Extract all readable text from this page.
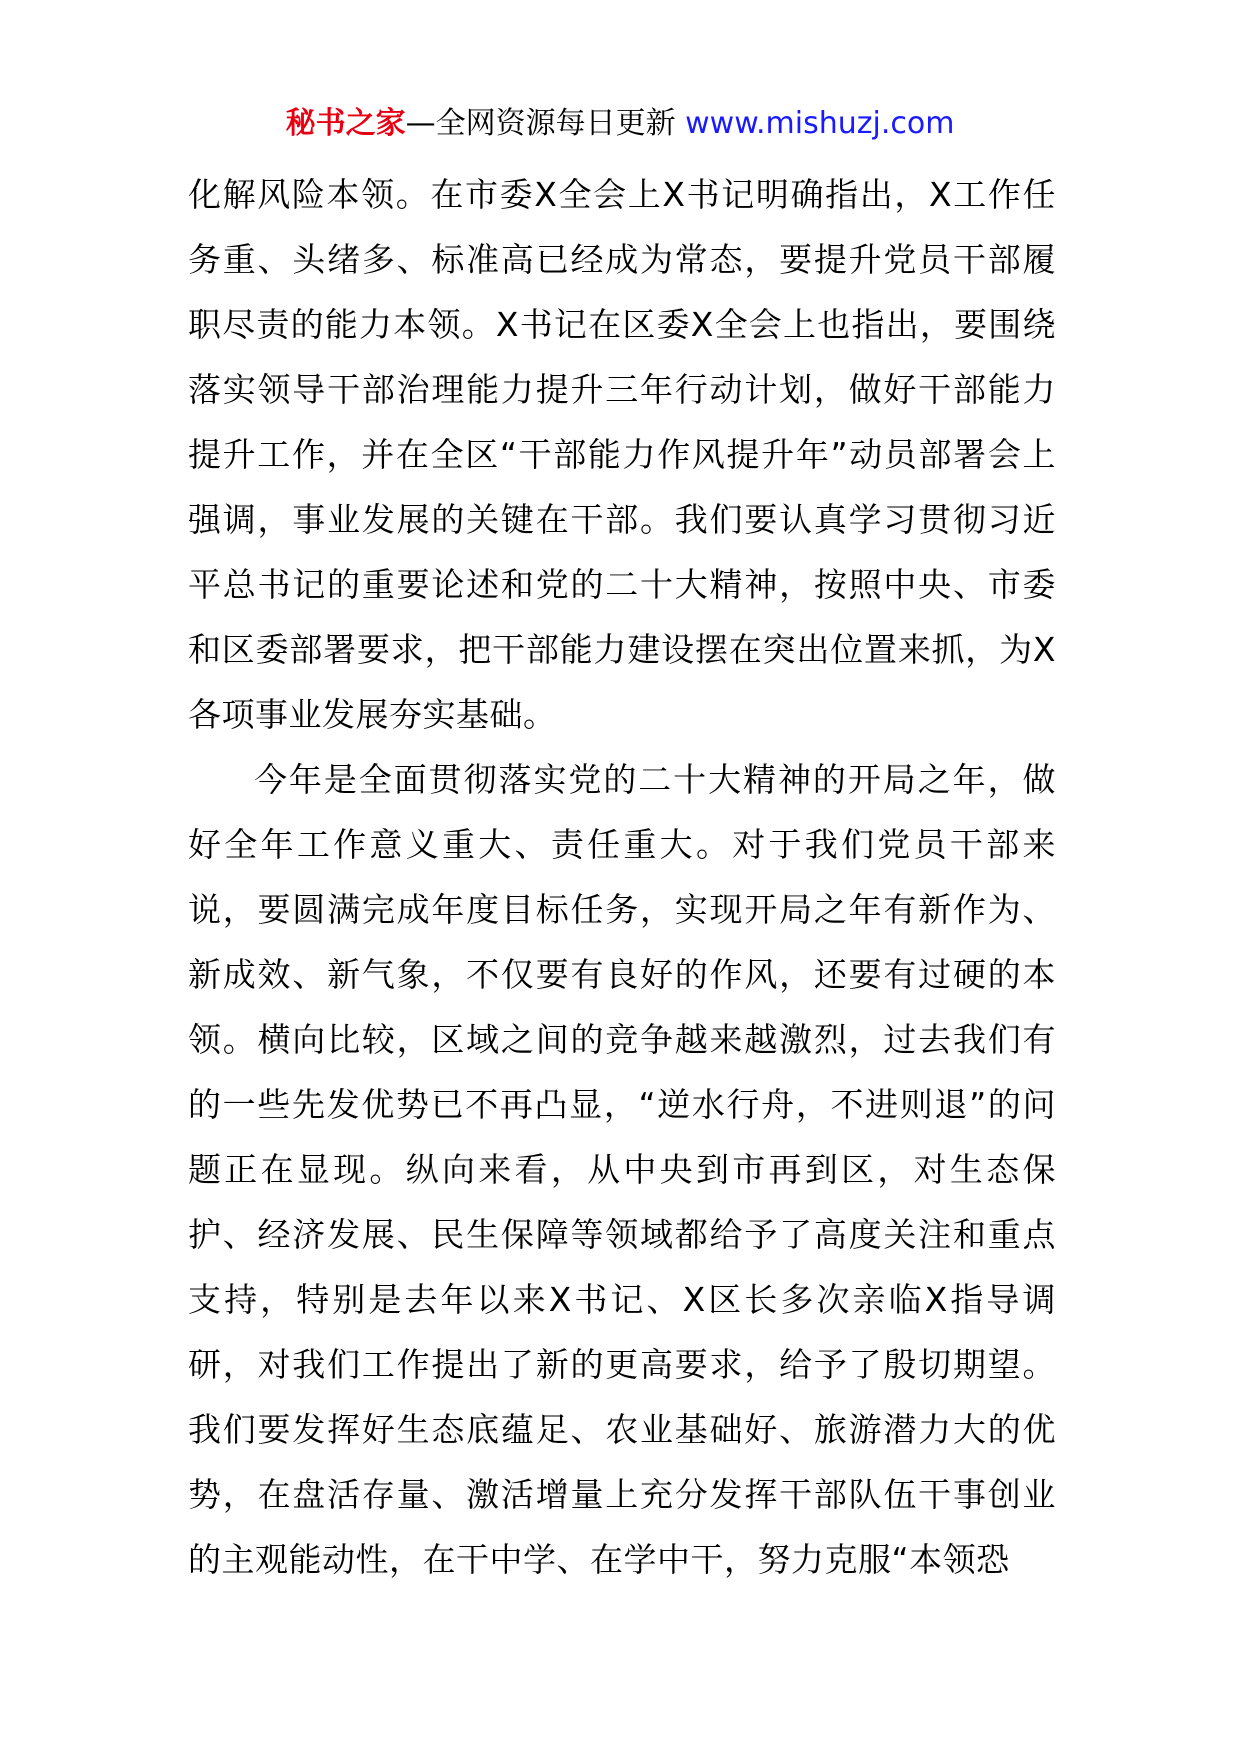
秘书之家—全网资源每日更新 www.mishuzj.com

化解风险本领。在市委X全会上X书记明确指出，X工作任务重、头绪多、标准高已经成为常态，要提升党员干部履职尽责的能力本领。X书记在区委X全会上也指出，要围绕落实领导干部治理能力提升三年行动计划，做好干部能力提升工作，并在全区“干部能力作风提升年”动员部署会上强调，事业发展的关键在干部。我们要认真学习贯彻习近平总书记的重要论述和党的二十大精神，按照中央、市委和区委部署要求，把干部能力建设摆在突出位置来抓，为X各项事业发展夯实基础。

今年是全面贯彻落实党的二十大精神的开局之年，做好全年工作意义重大、责任重大。对于我们党员干部来说，要圆满完成年度目标任务，实现开局之年有新作为、新成效、新气象，不仅要有良好的作风，还要有过硬的本领。横向比较，区域之间的竞争越来越激烈，过去我们有的一些先发优势已不再凸显，“逆水行舟，不进则退”的问题正在显现。纵向来看，从中央到市再到区，对生态保护、经济发展、民生保障等领域都给予了高度关注和重点支持，特别是去年以来X书记、X区长多次亲临X指导调研，对我们工作提出了新的更高要求，给予了殷切期望。我们要发挥好生态底蕴足、农业基础好、旅游潜力大的优势，在盘活存量、激活增量上充分发挥干部队伍干事创业的主观能动性，在干中学、在学中干，努力克服“本领恐
